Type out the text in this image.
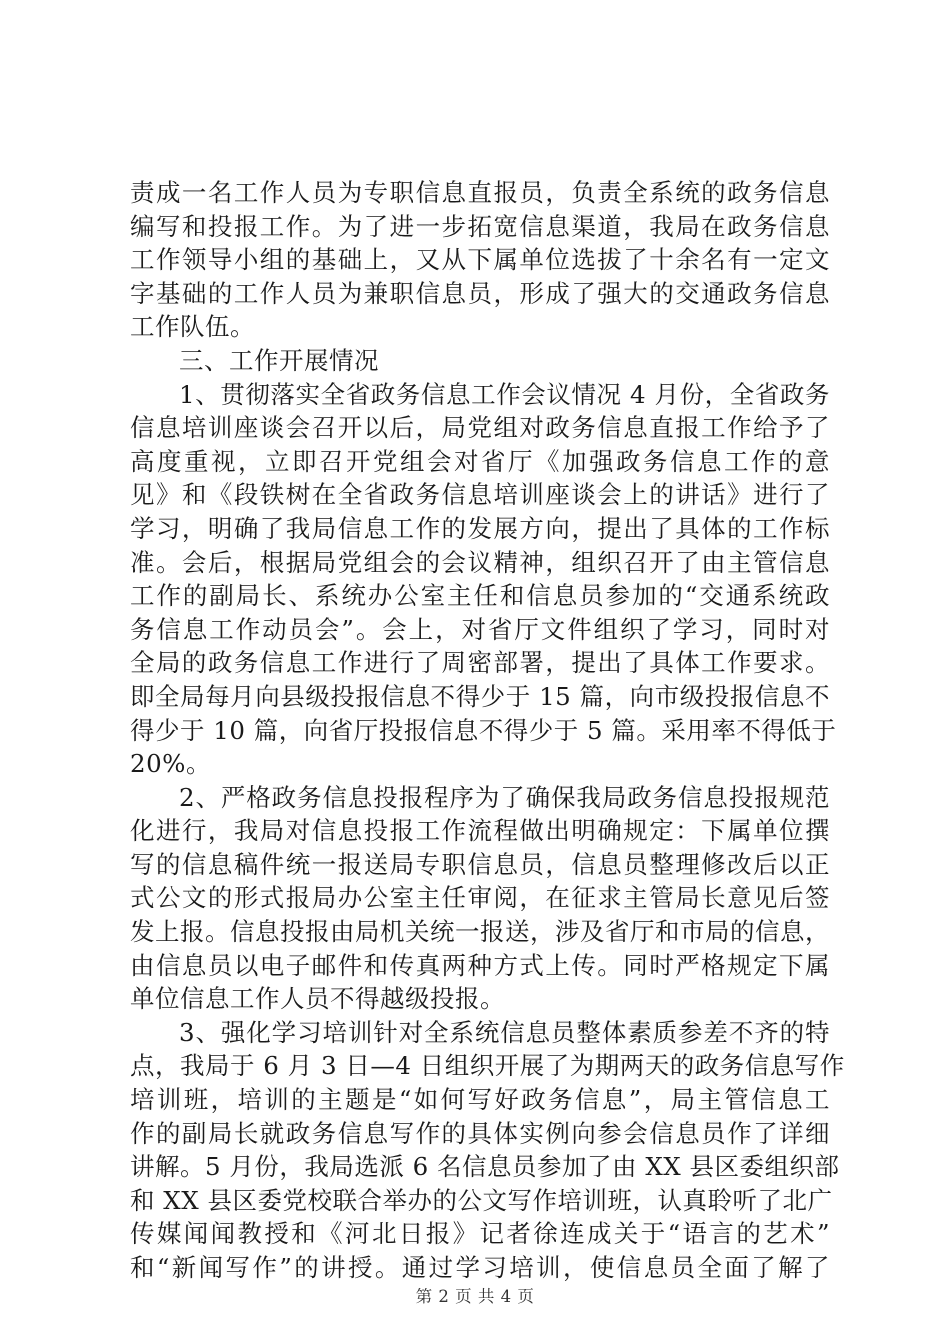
责成一名工作人员为专职信息直报员，负责全系统的政务信息
编写和投报工作。为了进一步拓宽信息渠道，我局在政务信息
工作领导小组的基础上，又从下属单位选拔了十余名有一定文
字基础的工作人员为兼职信息员，形成了强大的交通政务信息
工作队伍。
三、工作开展情况
1、贯彻落实全省政务信息工作会议情况 4 月份，全省政务
信息培训座谈会召开以后，局党组对政务信息直报工作给予了
高度重视，立即召开党组会对省厅《加强政务信息工作的意
见》和《段铁树在全省政务信息培训座谈会上的讲话》进行了
学习，明确了我局信息工作的发展方向，提出了具体的工作标
准。会后，根据局党组会的会议精神，组织召开了由主管信息
工作的副局长、系统办公室主任和信息员参加的“交通系统政
务信息工作动员会”。会上，对省厅文件组织了学习，同时对
全局的政务信息工作进行了周密部署，提出了具体工作要求。
即全局每月向县级投报信息不得少于 15 篇，向市级投报信息不
得少于 10 篇，向省厅投报信息不得少于 5 篇。采用率不得低于
20%。
2、严格政务信息投报程序为了确保我局政务信息投报规范
化进行，我局对信息投报工作流程做出明确规定：下属单位撰
写的信息稿件统一报送局专职信息员，信息员整理修改后以正
式公文的形式报局办公室主任审阅，在征求主管局长意见后签
发上报。信息投报由局机关统一报送，涉及省厅和市局的信息，
由信息员以电子邮件和传真两种方式上传。同时严格规定下属
单位信息工作人员不得越级投报。
3、强化学习培训针对全系统信息员整体素质参差不齐的特
点，我局于 6 月 3 日—4 日组织开展了为期两天的政务信息写作
培训班，培训的主题是“如何写好政务信息”，局主管信息工
作的副局长就政务信息写作的具体实例向参会信息员作了详细
讲解。5 月份，我局选派 6 名信息员参加了由 XX 县区委组织部
和 XX 县区委党校联合举办的公文写作培训班，认真聆听了北广
传媒闻闻教授和《河北日报》记者徐连成关于“语言的艺术”
和“新闻写作”的讲授。通过学习培训，使信息员全面了解了
第 2 页 共 4 页
